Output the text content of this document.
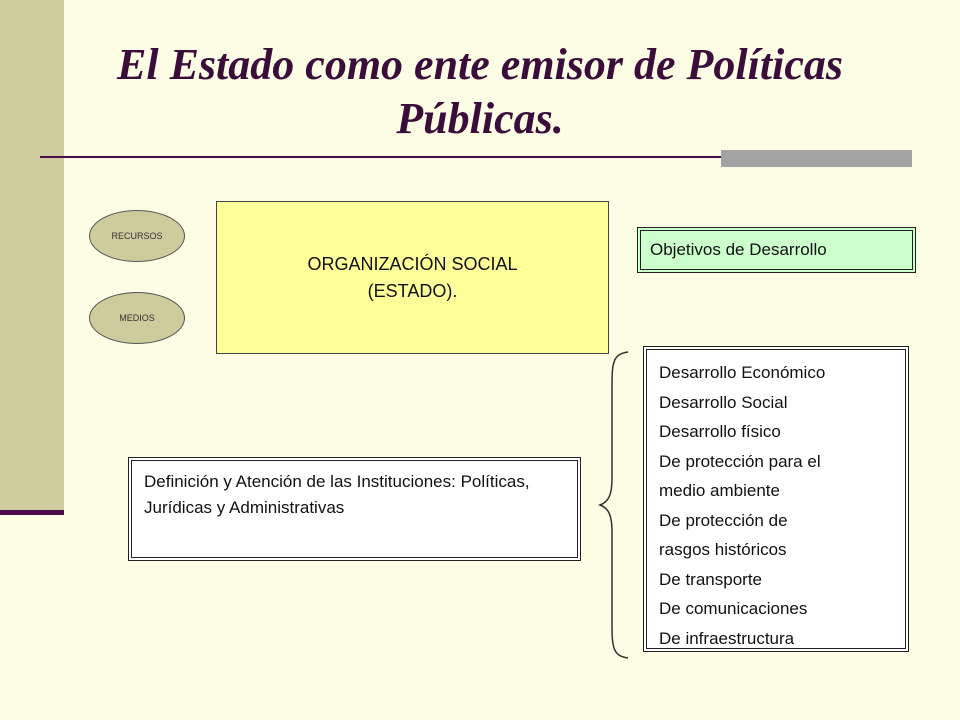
El Estado como ente emisor de Políticas Públicas.
RECURSOS
MEDIOS
ORGANIZACIÓN SOCIAL
(ESTADO).
Objetivos de Desarrollo
Definición y Atención de las Instituciones: Políticas, Jurídicas y Administrativas
Desarrollo Económico
Desarrollo Social
Desarrollo físico
De protección para el
medio ambiente
De protección de
rasgos históricos
De transporte
De comunicaciones
De infraestructura
